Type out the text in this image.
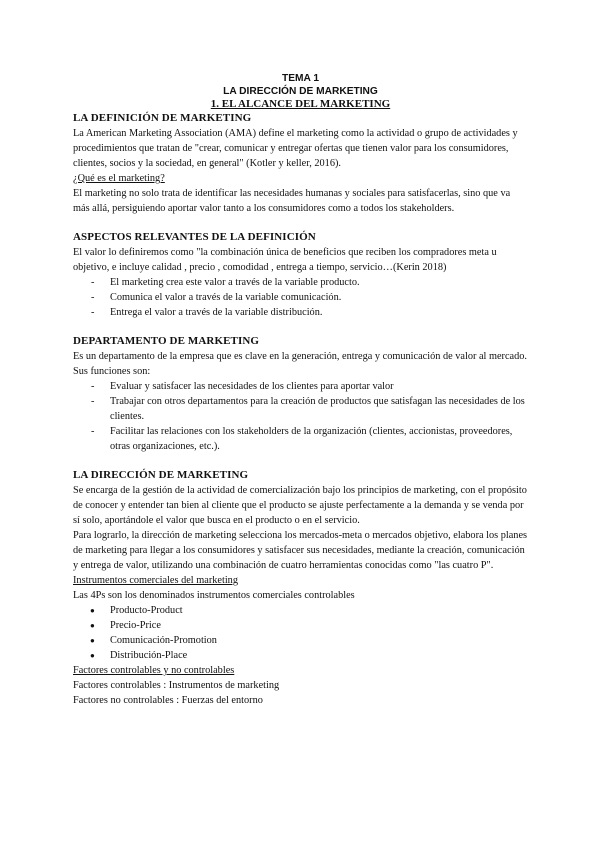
TEMA 1
LA DIRECCIÓN DE MARKETING
1. EL ALCANCE DEL MARKETING
LA DEFINICIÓN DE MARKETING

La American Marketing Association (AMA) define el marketing como la actividad o grupo de actividades y procedimientos que tratan de "crear, comunicar y entregar ofertas que tienen valor para los consumidores, clientes, socios y la sociedad, en general" (Kotler y keller, 2016).

¿Qué es el marketing?

El marketing no solo trata de identificar las necesidades humanas y sociales para satisfacerlas, sino que va más allá, persiguiendo aportar valor tanto a los consumidores como a todos los stakeholders.

ASPECTOS RELEVANTES DE LA DEFINICIÓN

El valor lo definiremos como "la combinación única de beneficios que reciben los compradores meta u objetivo, e incluye calidad , precio , comodidad , entrega a tiempo, servicio…(Kerin 2018)

- El marketing crea este valor a través de la variable producto.
- Comunica el valor a través de la variable comunicación.
- Entrega el valor a través de la variable distribución.
DEPARTAMENTO DE MARKETING

Es un departamento de la empresa que es clave en la generación, entrega y comunicación de valor al mercado.

Sus funciones son:

- Evaluar y satisfacer las necesidades de los clientes para aportar valor
- Trabajar con otros departamentos para la creación de productos que satisfagan las necesidades de los clientes.
- Facilitar las relaciones con los stakeholders de la organización (clientes, accionistas, proveedores, otras organizaciones, etc.).
LA DIRECCIÓN DE MARKETING

Se encarga de la gestión de la actividad de comercialización bajo los principios de marketing, con el propósito de conocer y entender tan bien al cliente que el producto se ajuste perfectamente a la demanda y se venda por sí solo, aportándole el valor que busca en el producto o en el servicio.

Para lograrlo, la dirección de marketing selecciona los mercados-meta o mercados objetivo, elabora los planes de marketing para llegar a los consumidores y satisfacer sus necesidades, mediante la creación, comunicación y entrega de valor, utilizando una combinación de cuatro herramientas conocidas como "las cuatro P".

Instrumentos comerciales del marketing

Las 4Ps son los denominados instrumentos comerciales controlables

● Producto-Product
● Precio-Price
● Comunicación-Promotion
● Distribución-Place

Factores controlables y no controlables

Factores controlables : Instrumentos de marketing

Factores no controlables : Fuerzas del entorno
